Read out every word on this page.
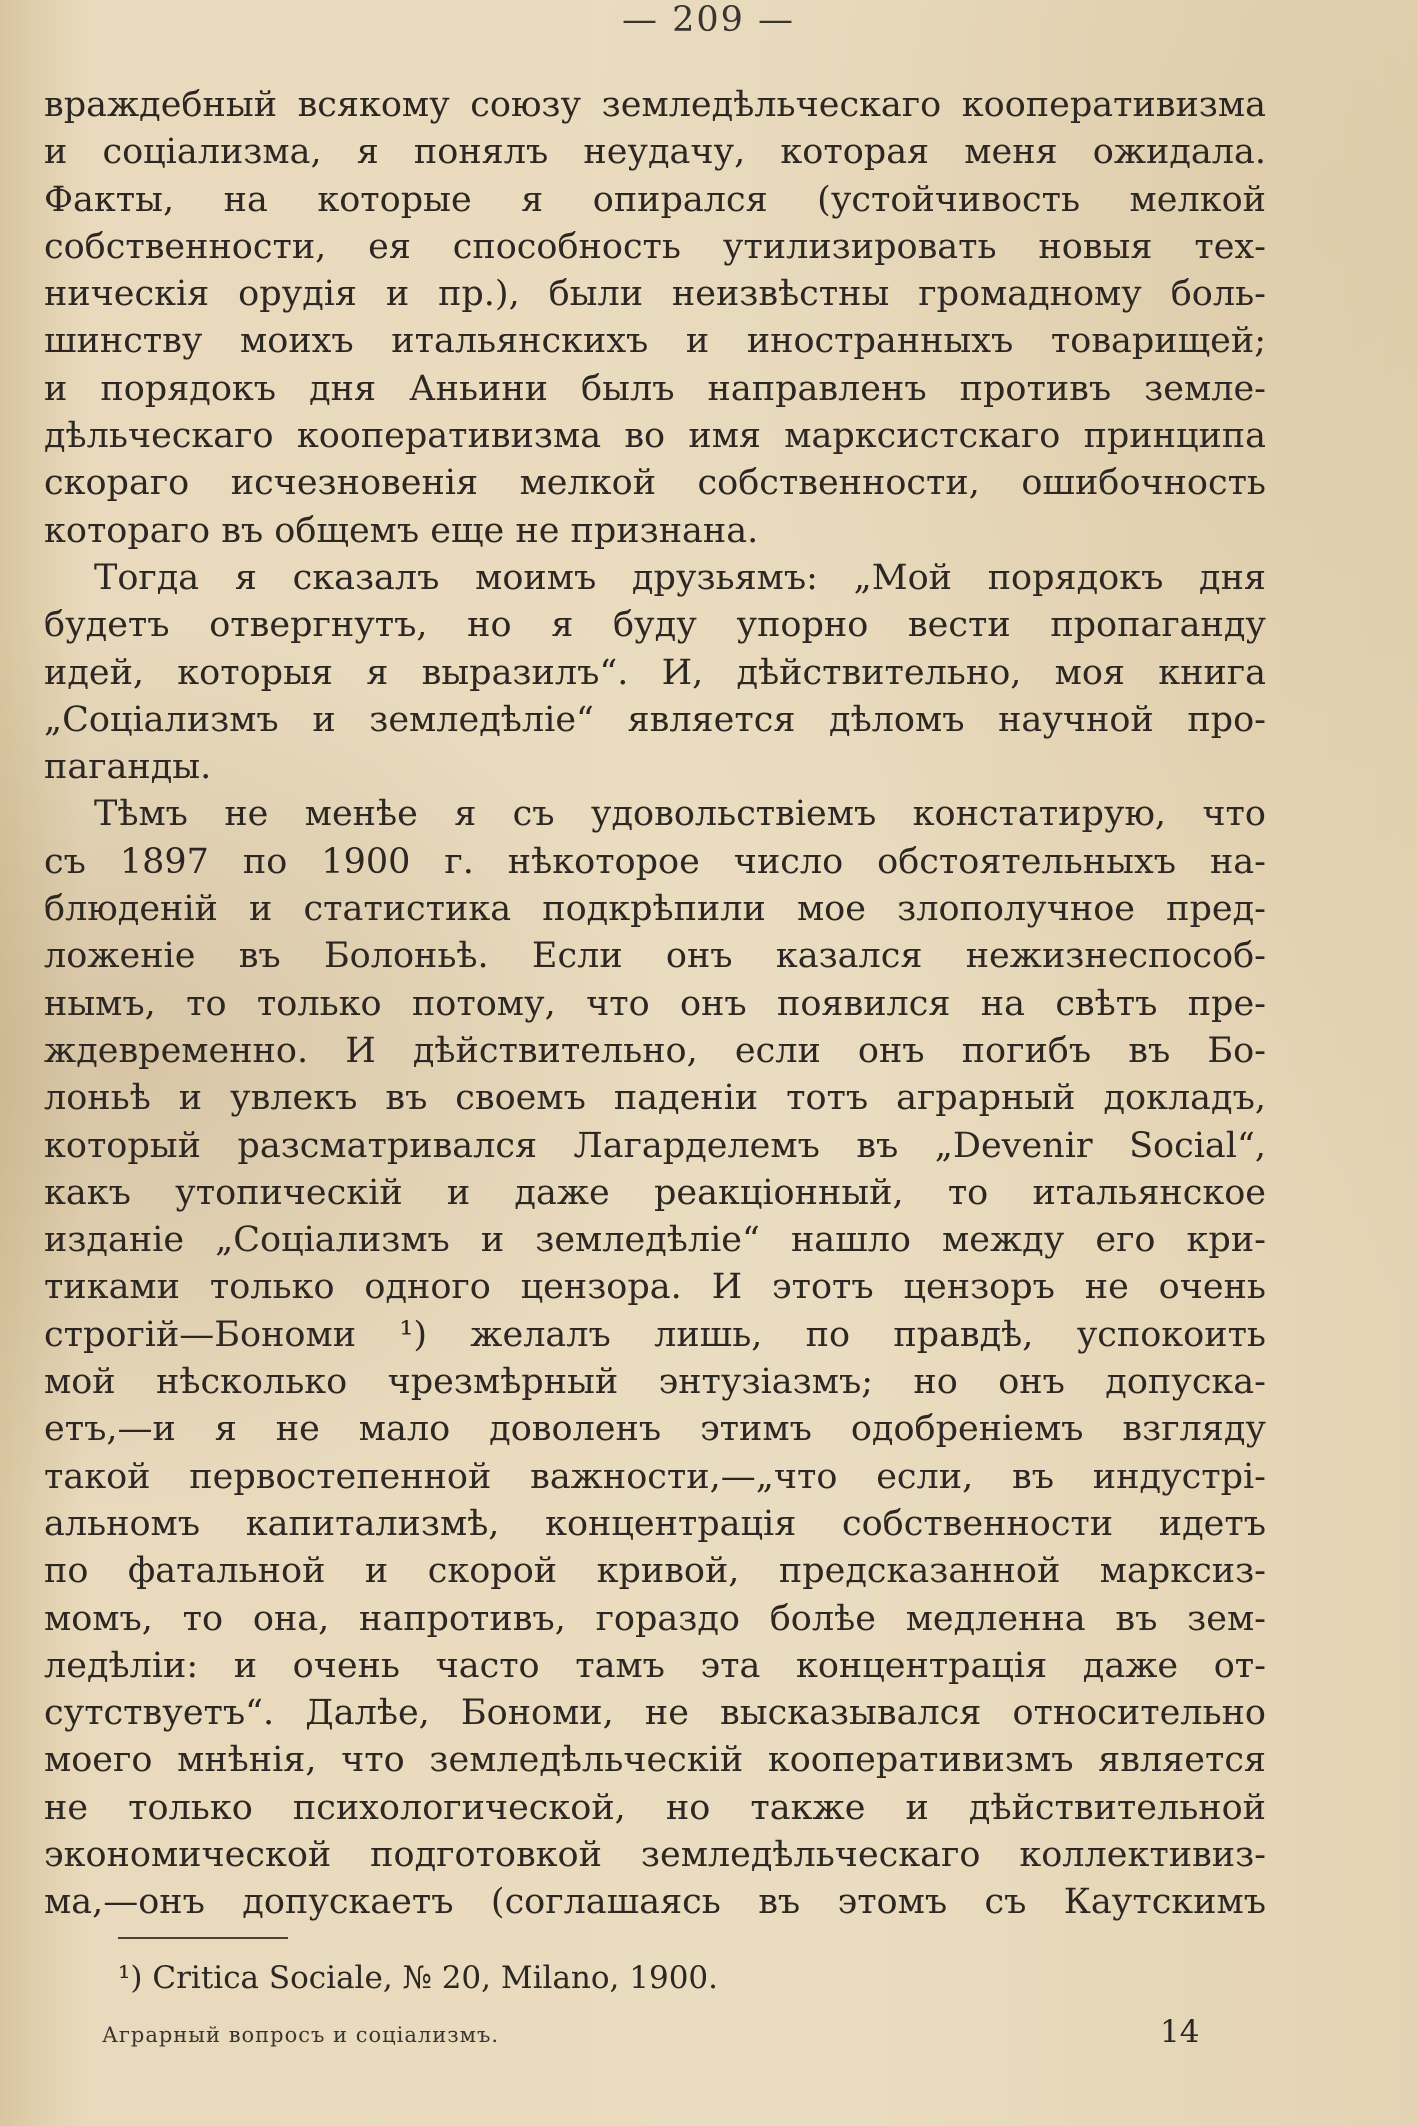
— 209 —
враждебный всякому союзу земледѣльческаго кооперативизма
и соціализма, я понялъ неудачу, которая меня ожидала.
Факты, на которые я опирался (устойчивость мелкой
собственности, ея способность утилизировать новыя тех-
ническія орудія и пр.), были неизвѣстны громадному боль-
шинству моихъ итальянскихъ и иностранныхъ товарищей;
и порядокъ дня Аньини былъ направленъ противъ земле-
дѣльческаго кооперативизма во имя марксистскаго принципа
скораго исчезновенія мелкой собственности, ошибочность
котораго въ общемъ еще не признана.
Тогда я сказалъ моимъ друзьямъ: „Мой порядокъ дня
будетъ отвергнутъ, но я буду упорно вести пропаганду
идей, которыя я выразилъ“. И, дѣйствительно, моя книга
„Соціализмъ и земледѣліе“ является дѣломъ научной про-
паганды.
Тѣмъ не менѣе я съ удовольствіемъ констатирую, что
съ 1897 по 1900 г. нѣкоторое число обстоятельныхъ на-
блюденій и статистика подкрѣпили мое злополучное пред-
ложеніе въ Болоньѣ. Если онъ казался нежизнеспособ-
нымъ, то только потому, что онъ появился на свѣтъ пре-
ждевременно. И дѣйствительно, если онъ погибъ въ Бо-
лоньѣ и увлекъ въ своемъ паденіи тотъ аграрный докладъ,
который разсматривался Лагарделемъ въ „Devenir Social“,
какъ утопическій и даже реакціонный, то итальянское
изданіе „Соціализмъ и земледѣліе“ нашло между его кри-
тиками только одного цензора. И этотъ цензоръ не очень
строгій—Бономи ¹) желалъ лишь, по правдѣ, успокоить
мой нѣсколько чрезмѣрный энтузіазмъ; но онъ допуска-
етъ,—и я не мало доволенъ этимъ одобреніемъ взгляду
такой первостепенной важности,—„что если, въ индустрі-
альномъ капитализмѣ, концентрація собственности идетъ
по фатальной и скорой кривой, предсказанной марксиз-
момъ, то она, напротивъ, гораздо болѣе медленна въ зем-
ледѣліи: и очень часто тамъ эта концентрація даже от-
сутствуетъ“. Далѣе, Бономи, не высказывался относительно
моего мнѣнія, что земледѣльческій кооперативизмъ является
не только психологической, но также и дѣйствительной
экономической подготовкой земледѣльческаго коллективиз-
ма,—онъ допускаетъ (соглашаясь въ этомъ съ Каутскимъ
¹) Critica Sociale, № 20, Milano, 1900.
Аграрный вопросъ и соціализмъ.	14
